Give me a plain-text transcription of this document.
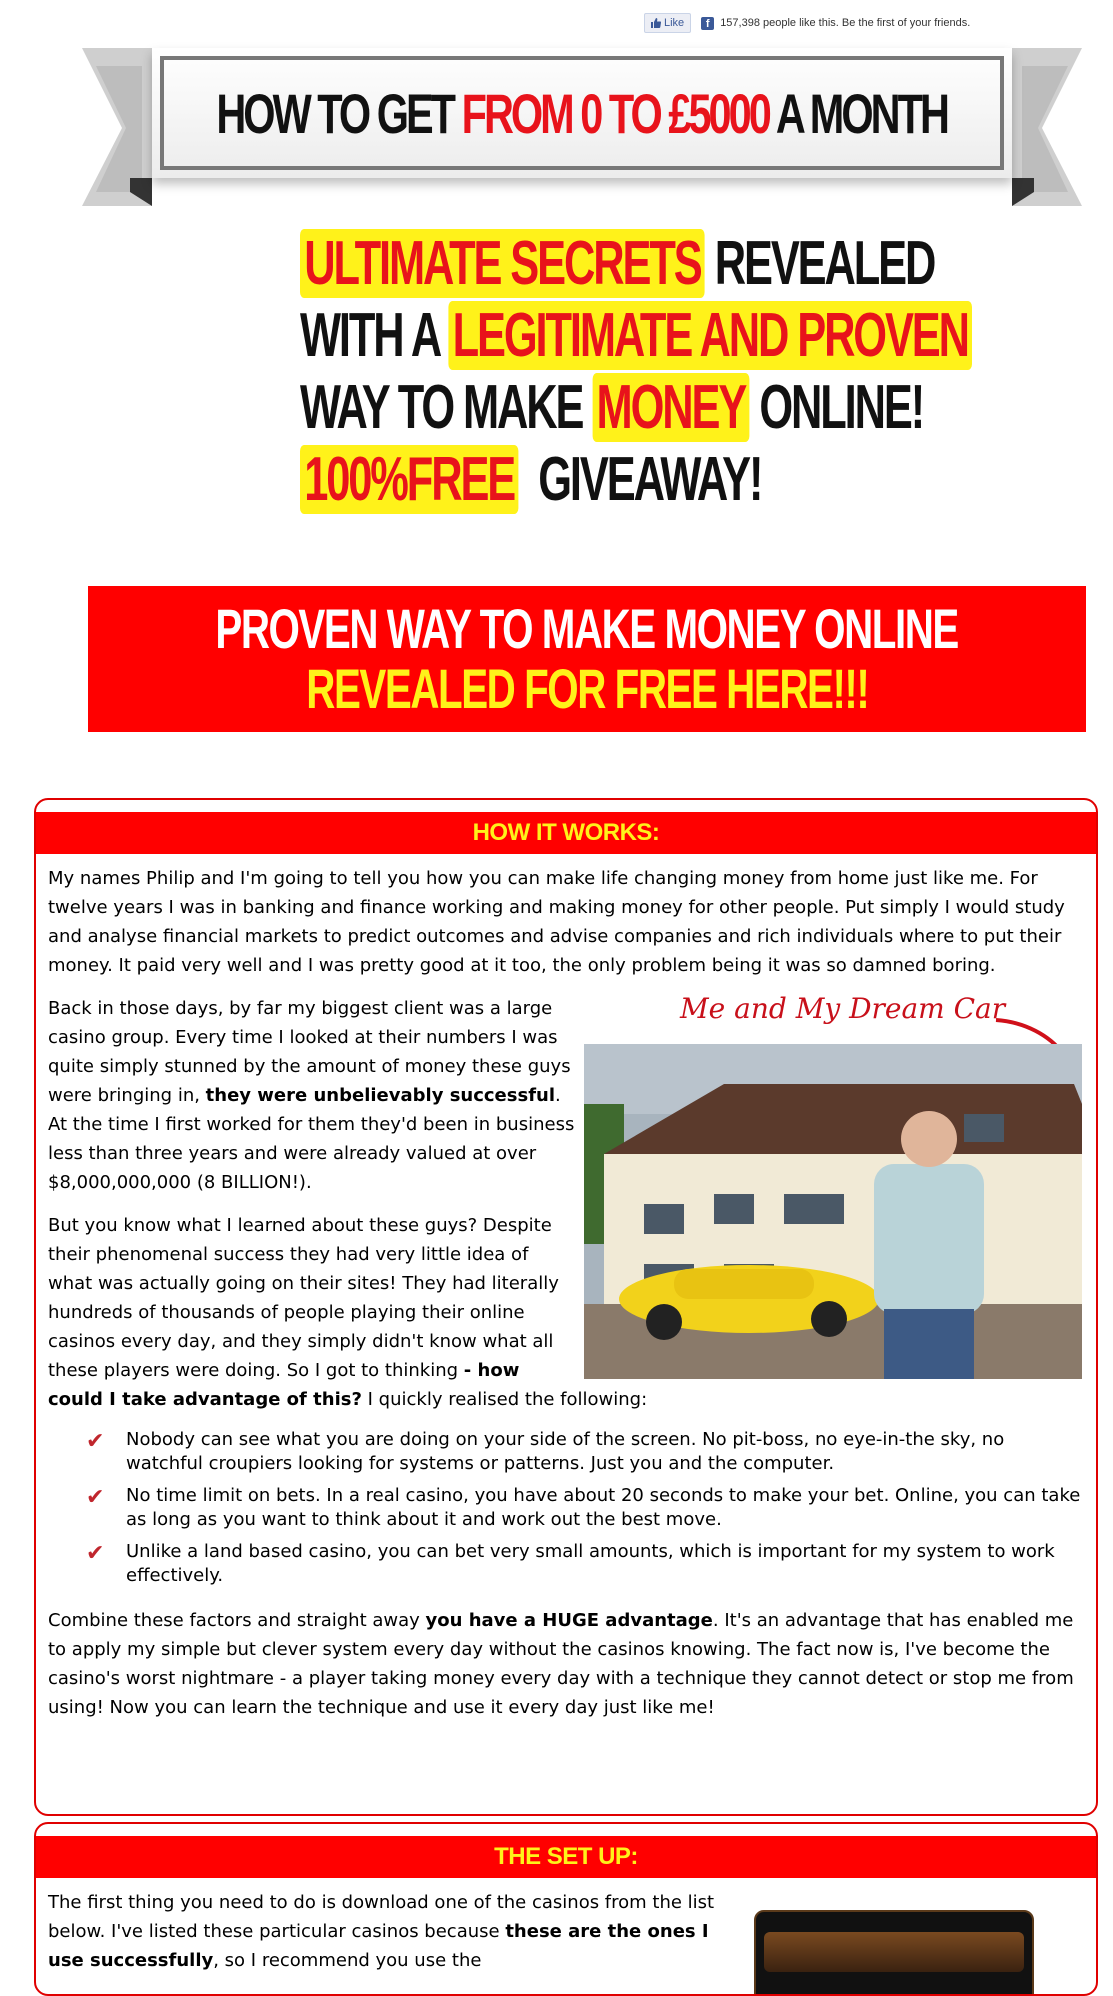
Like	f 157,398 people like this. Be the first of your friends.
HOW TO GET FROM 0 TO £5000 A MONTH
ULTIMATE SECRETS REVEALED
WITH A LEGITIMATE AND PROVEN
WAY TO MAKE MONEY ONLINE!
100%FREE  GIVEAWAY!
PROVEN WAY TO MAKE MONEY ONLINE
REVEALED FOR FREE HERE!!!
HOW IT WORKS:

My names Philip and I'm going to tell you how you can make life changing money from home just like me. For twelve years I was in banking and finance working and making money for other people. Put simply I would study and analyse financial markets to predict outcomes and advise companies and rich individuals where to put their money. It paid very well and I was pretty good at it too, the only problem being it was so damned boring.

Me and My Dream Car

Back in those days, by far my biggest client was a large casino group. Every time I looked at their numbers I was quite simply stunned by the amount of money these guys were bringing in, they were unbelievably successful. At the time I first worked for them they'd been in business less than three years and were already valued at over $8,000,000,000 (8 BILLION!).

But you know what I learned about these guys? Despite their phenomenal success they had very little idea of what was actually going on their sites! They had literally hundreds of thousands of people playing their online casinos every day, and they simply didn't know what all these players were doing. So I got to thinking - how could I take advantage of this? I quickly realised the following:

✔ Nobody can see what you are doing on your side of the screen. No pit-boss, no eye-in-the sky, no watchful croupiers looking for systems or patterns. Just you and the computer.
✔ No time limit on bets. In a real casino, you have about 20 seconds to make your bet. Online, you can take as long as you want to think about it and work out the best move.
✔ Unlike a land based casino, you can bet very small amounts, which is important for my system to work effectively.

Combine these factors and straight away you have a HUGE advantage. It's an advantage that has enabled me to apply my simple but clever system every day without the casinos knowing. The fact now is, I've become the casino's worst nightmare - a player taking money every day with a technique they cannot detect or stop me from using! Now you can learn the technique and use it every day just like me!

THE SET UP:

The first thing you need to do is download one of the casinos from the list below. I've listed these particular casinos because these are the ones I use successfully, so I recommend you use the
